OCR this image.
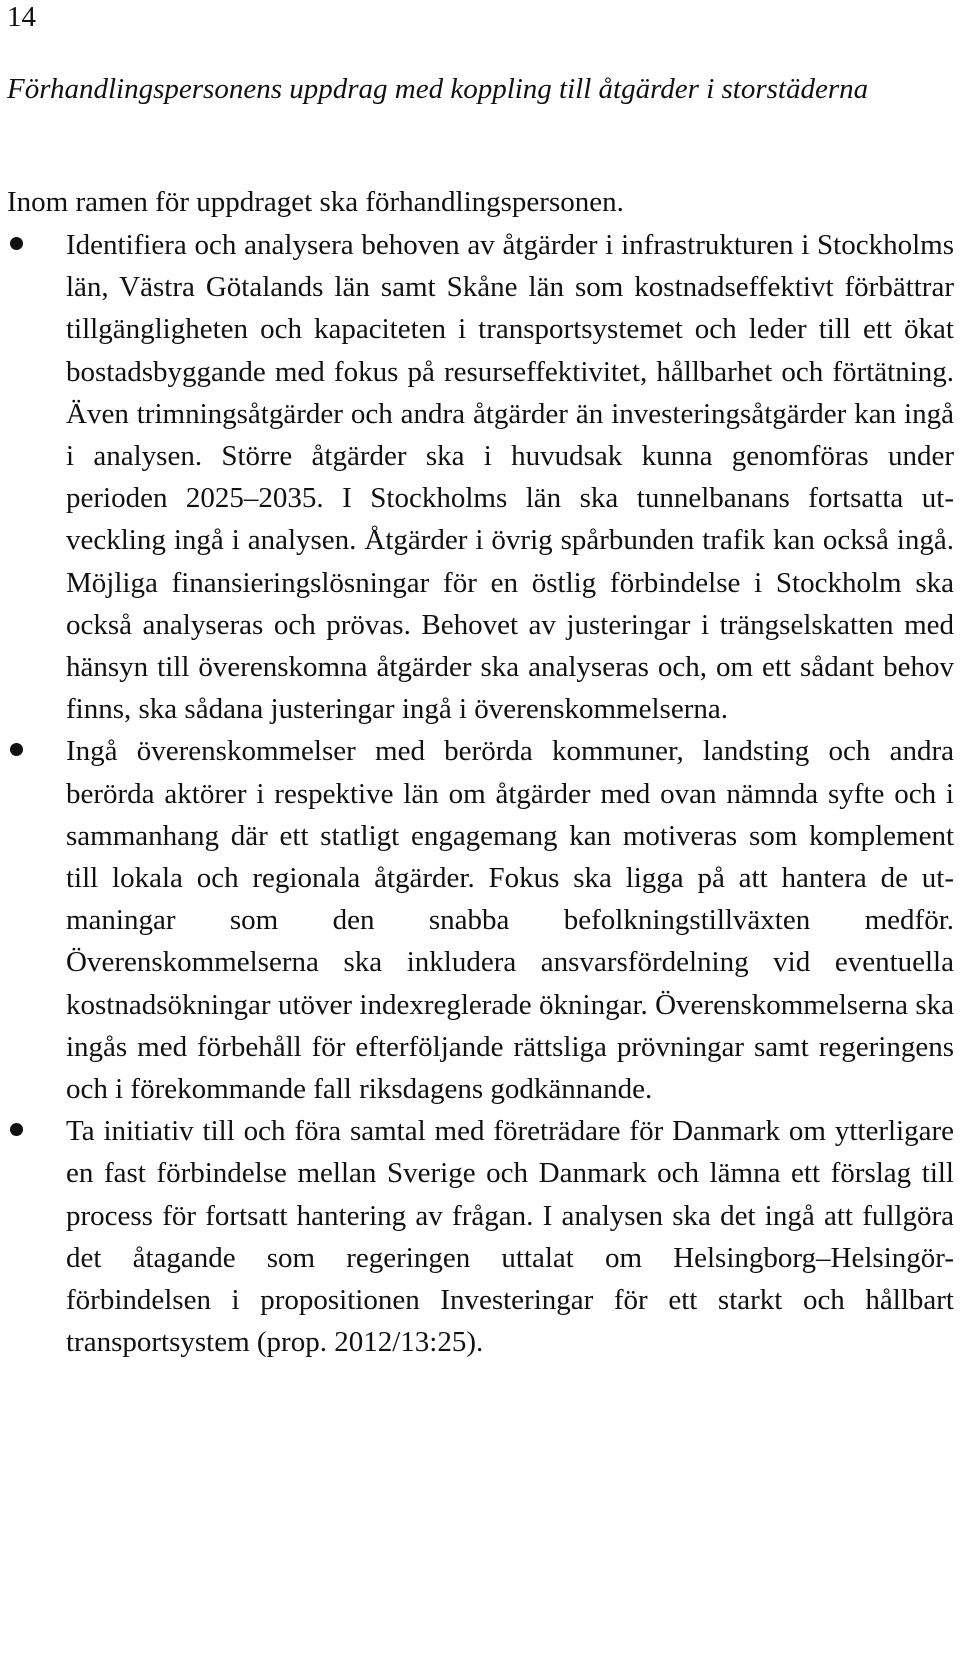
14

Förhandlingspersonens uppdrag med koppling till åtgärder i storstäderna

Inom ramen för uppdraget ska förhandlingspersonen.

Identifiera och analysera behoven av åtgärder i infrastrukturen i Stockholms län, Västra Götalands län samt Skåne län som kostnadseffektivt förbättrar tillgängligheten och kapaciteten i transportsystemet och leder till ett ökat bostadsbyggande med fokus på resurseffektivitet, hållbarhet och förtätning. Även trimningsåtgärder och andra åtgärder än investeringsåtgärder kan ingå i analysen. Större åtgärder ska i huvudsak kunna genomföras under perioden 2025–2035. I Stockholms län ska tunnelbanans fortsatta utveckling ingå i analysen. Åtgärder i övrig spårbunden trafik kan också ingå. Möjliga finansieringslösningar för en östlig förbindelse i Stockholm ska också analyseras och prövas. Behovet av justeringar i trängselskatten med hänsyn till överenskomna åtgärder ska analyseras och, om ett sådant behov finns, ska sådana justeringar ingå i överenskommelserna.
Ingå överenskommelser med berörda kommuner, landsting och andra berörda aktörer i respektive län om åtgärder med ovan nämnda syfte och i sammanhang där ett statligt engagemang kan motiveras som komplement till lokala och regionala åtgärder. Fokus ska ligga på att hantera de utmaningar som den snabba befolkningstillväxten medför. Överenskommelserna ska inkludera ansvarsfördelning vid eventuella kostnadsökningar utöver indexreglerade ökningar. Överenskommelserna ska ingås med förbehåll för efterföljande rättsliga prövningar samt regeringens och i förekommande fall riksdagens godkännande.
Ta initiativ till och föra samtal med företrädare för Danmark om ytterligare en fast förbindelse mellan Sverige och Danmark och lämna ett förslag till process för fortsatt hantering av frågan. I analysen ska det ingå att fullgöra det åtagande som regeringen uttalat om Helsingborg–Helsingör-förbindelsen i propositionen Investeringar för ett starkt och hållbart transportsystem (prop. 2012/13:25).
